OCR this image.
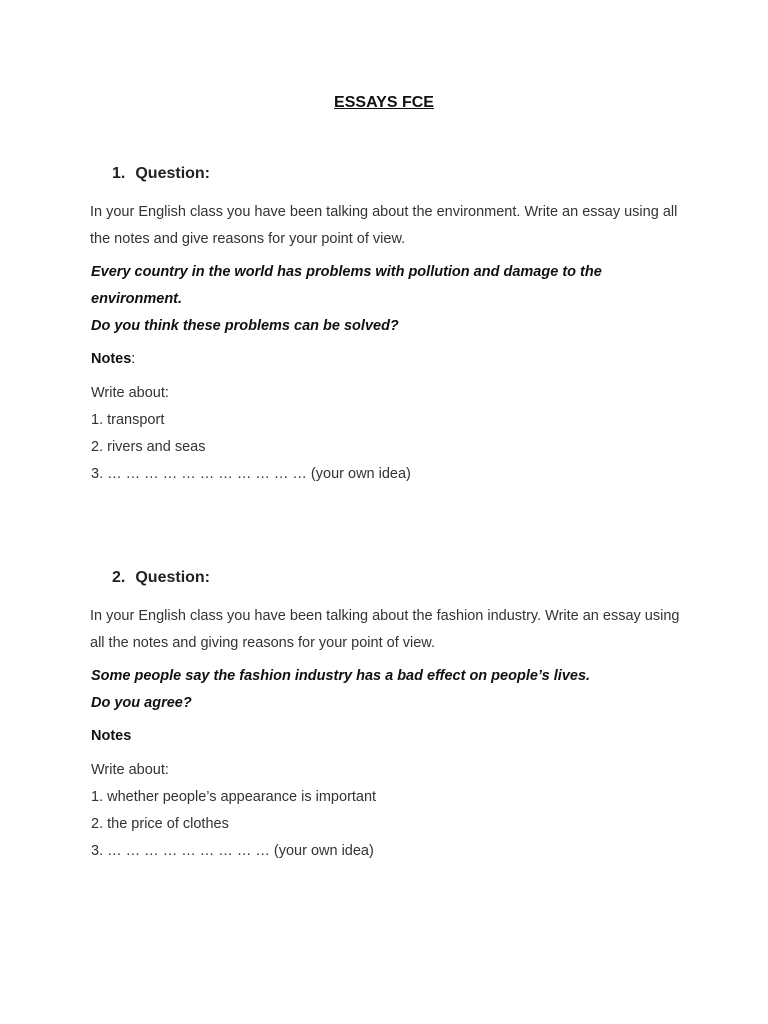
ESSAYS FCE
1. Question:
In your English class you have been talking about the environment. Write an essay using all the notes and give reasons for your point of view.
Every country in the world has problems with pollution and damage to the environment.
Do you think these problems can be solved?
Notes:
Write about:
1. transport
2. rivers and seas
3. … … … … … … … … … … … (your own idea)
2. Question:
In your English class you have been talking about the fashion industry. Write an essay using all the notes and giving reasons for your point of view.
Some people say the fashion industry has a bad effect on people’s lives.
Do you agree?
Notes
Write about:
1. whether people’s appearance is important
2. the price of clothes
3. … … … … … … … … … (your own idea)
